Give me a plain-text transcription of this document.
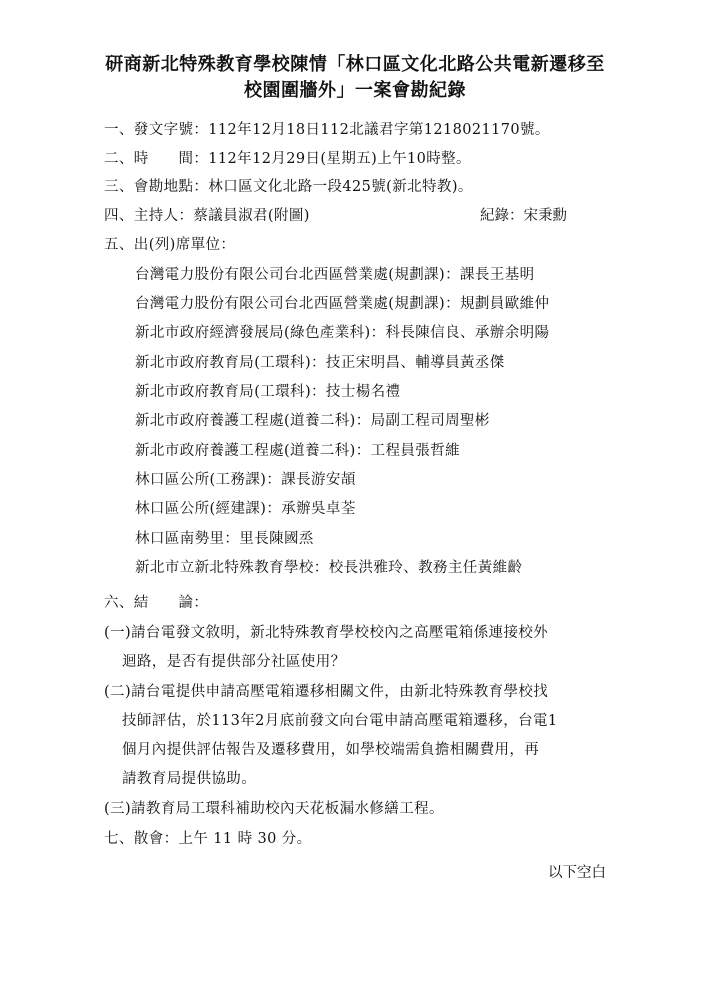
研商新北特殊教育學校陳情「林口區文化北路公共電新遷移至
校園圍牆外」一案會勘紀錄
一、發文字號：112年12月18日112北議君字第1218021170號。
二、時　　間：112年12月29日(星期五)上午10時整。
三、會勘地點：林口區文化北路一段425號(新北特教)。
四、主持人：蔡議員淑君(附圖)	紀錄：宋秉勳
五、出(列)席單位：
台灣電力股份有限公司台北西區營業處(規劃課)：課長王基明
台灣電力股份有限公司台北西區營業處(規劃課)：規劃員歐維仲
新北市政府經濟發展局(綠色產業科)：科長陳信良、承辦余明陽
新北市政府教育局(工環科)：技正宋明昌、輔導員黃丞傑
新北市政府教育局(工環科)：技士楊名禮
新北市政府養護工程處(道養二科)：局副工程司周聖彬
新北市政府養護工程處(道養二科)：工程員張哲維
林口區公所(工務課)：課長游安頡
林口區公所(經建課)：承辦吳卓荃
林口區南勢里：里長陳國烝
新北市立新北特殊教育學校：校長洪雅玲、教務主任黃維齡
六、結　　論：
(一)請台電發文敘明，新北特殊教育學校校內之高壓電箱係連接校外
迴路，是否有提供部分社區使用？
(二)請台電提供申請高壓電箱遷移相關文件，由新北特殊教育學校找
技師評估，於113年2月底前發文向台電申請高壓電箱遷移，台電1
個月內提供評估報告及遷移費用，如學校端需負擔相關費用，再
請教育局提供協助。
(三)請教育局工環科補助校內天花板漏水修繕工程。
七、散會：上午 11 時 30 分。
以下空白
